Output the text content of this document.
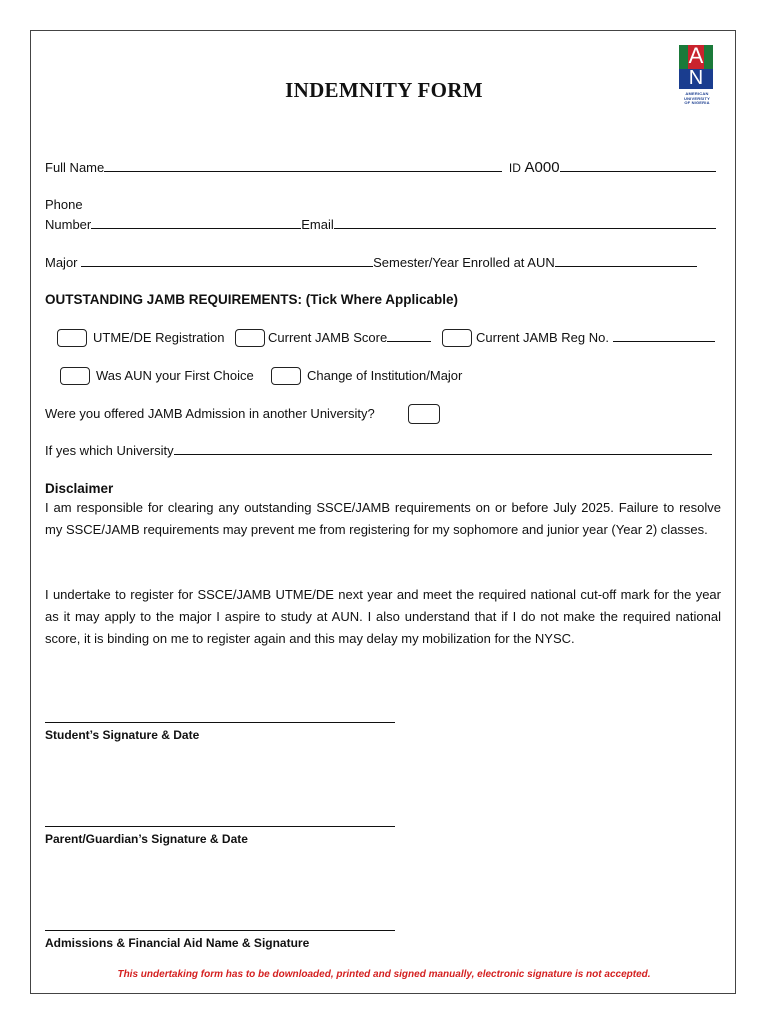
INDEMNITY FORM
A
N
AMERICAN
UNIVERSITY
OF NIGERIA
Full Name	ID A000
Phone
Number	Email
Major	Semester/Year Enrolled at AUN
OUTSTANDING JAMB REQUIREMENTS: (Tick Where Applicable)
UTME/DE Registration	Current JAMB Score	Current JAMB Reg No.
Was AUN your First Choice	Change of Institution/Major
Were you offered JAMB Admission in another University?
If yes which University
Disclaimer
I am responsible for clearing any outstanding SSCE/JAMB requirements on or before July 2025. Failure to resolve my SSCE/JAMB requirements may prevent me from registering for my sophomore and junior year (Year 2) classes.
I undertake to register for SSCE/JAMB UTME/DE next year and meet the required national cut-off mark for the year as it may apply to the major I aspire to study at AUN. I also understand that if I do not make the required national score, it is binding on me to register again and this may delay my mobilization for the NYSC.
Student’s Signature & Date
Parent/Guardian’s Signature & Date
Admissions & Financial Aid Name & Signature
This undertaking form has to be downloaded, printed and signed manually, electronic signature is not accepted.
